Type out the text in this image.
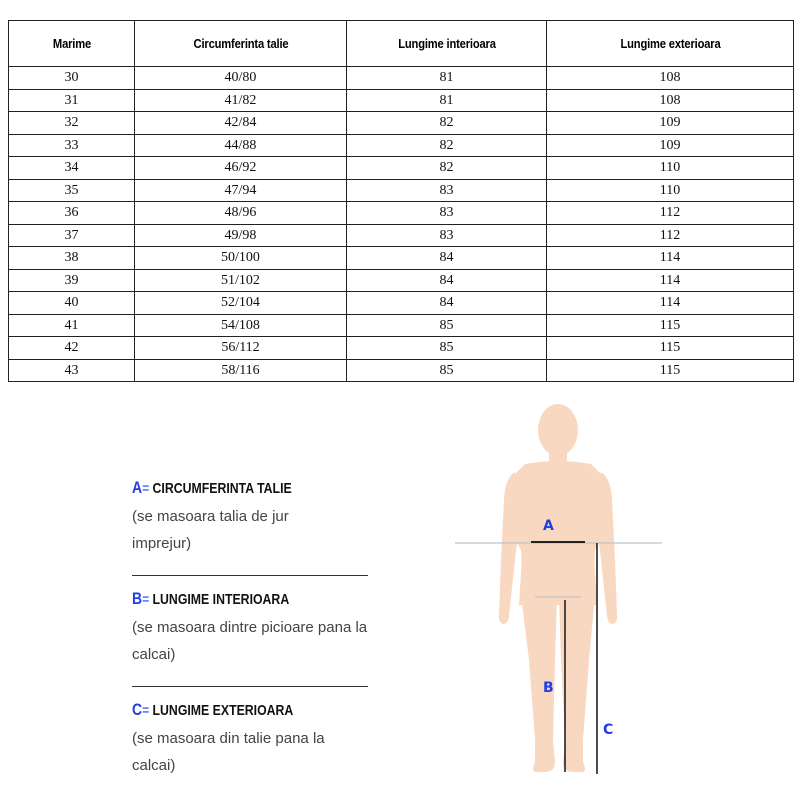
Marime	Circumferinta talie	Lungime interioara	Lungime exterioara
30	40/80	81	108
31	41/82	81	108
32	42/84	82	109
33	44/88	82	109
34	46/92	82	110
35	47/94	83	110
36	48/96	83	112
37	49/98	83	112
38	50/100	84	114
39	51/102	84	114
40	52/104	84	114
41	54/108	85	115
42	56/112	85	115
43	58/116	85	115
A = CIRCUMFERINTA TALIE
(se masoara talia de jur imprejur)
B = LUNGIME INTERIOARA
(se masoara dintre picioare pana la calcai)
C = LUNGIME EXTERIOARA
(se masoara din talie pana la calcai)
A
B
C
